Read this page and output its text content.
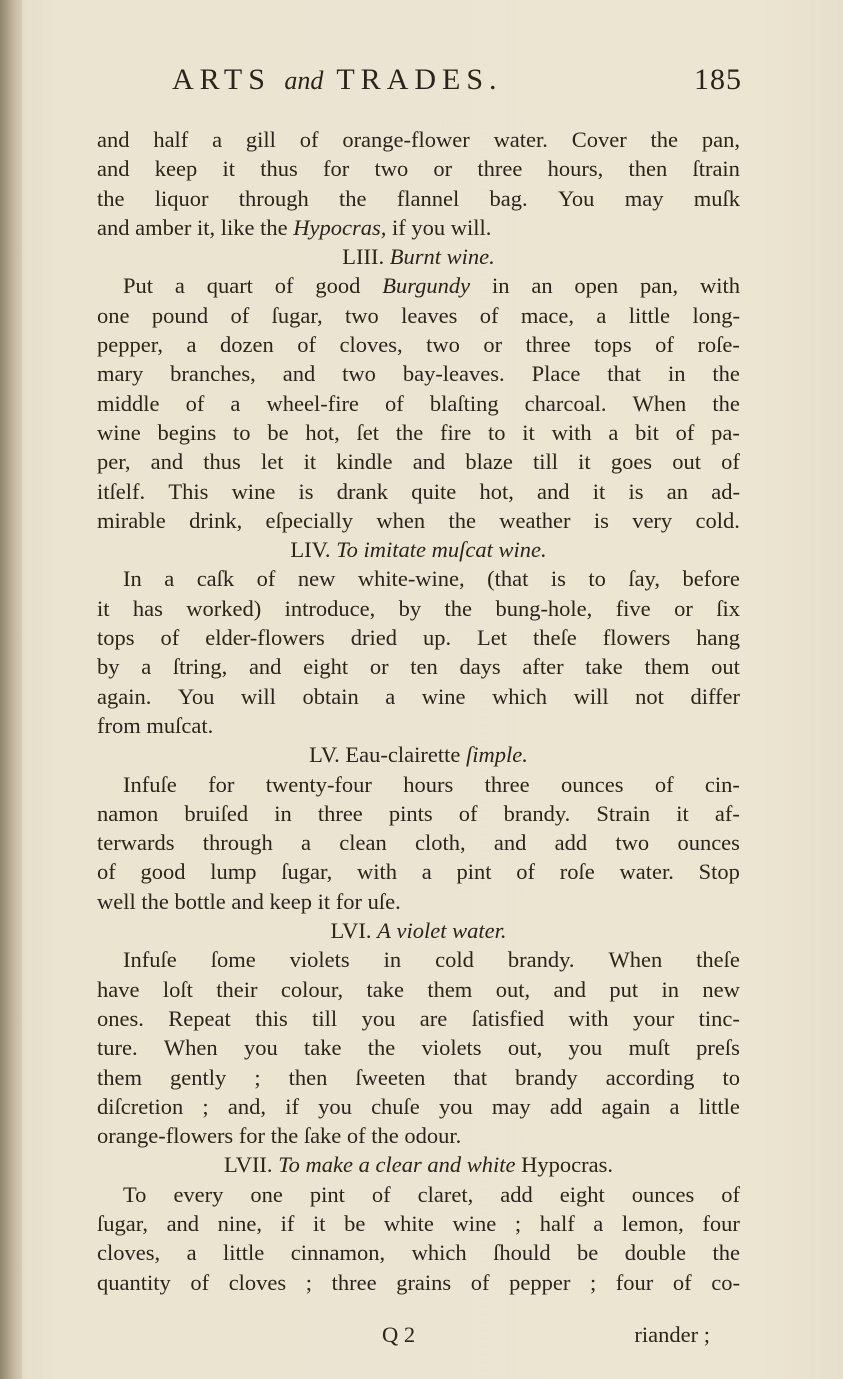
ARTS and TRADES.	185
and half a gill of orange-flower water. Cover the pan,
and keep it thus for two or three hours, then ſtrain
the liquor through the flannel bag. You may muſk
and amber it, like the Hypocras, if you will.
LIII. Burnt wine.
Put a quart of good Burgundy in an open pan, with
one pound of ſugar, two leaves of mace, a little long-
pepper, a dozen of cloves, two or three tops of roſe-
mary branches, and two bay-leaves. Place that in the
middle of a wheel-fire of blaſting charcoal. When the
wine begins to be hot, ſet the fire to it with a bit of pa-
per, and thus let it kindle and blaze till it goes out of
itſelf. This wine is drank quite hot, and it is an ad-
mirable drink, eſpecially when the weather is very cold.
LIV. To imitate muſcat wine.
In a caſk of new white-wine, (that is to ſay, before
it has worked) introduce, by the bung-hole, five or ſix
tops of elder-flowers dried up. Let theſe flowers hang
by a ſtring, and eight or ten days after take them out
again. You will obtain a wine which will not differ
from muſcat.
LV. Eau-clairette ſimple.
Infuſe for twenty-four hours three ounces of cin-
namon bruiſed in three pints of brandy. Strain it af-
terwards through a clean cloth, and add two ounces
of good lump ſugar, with a pint of roſe water. Stop
well the bottle and keep it for uſe.
LVI. A violet water.
Infuſe ſome violets in cold brandy. When theſe
have loſt their colour, take them out, and put in new
ones. Repeat this till you are ſatisfied with your tinc-
ture. When you take the violets out, you muſt preſs
them gently ; then ſweeten that brandy according to
diſcretion ; and, if you chuſe you may add again a little
orange-flowers for the ſake of the odour.
LVII. To make a clear and white Hypocras.
To every one pint of claret, add eight ounces of
ſugar, and nine, if it be white wine ; half a lemon, four
cloves, a little cinnamon, which ſhould be double the
quantity of cloves ; three grains of pepper ; four of co-
Q 2	riander ;
